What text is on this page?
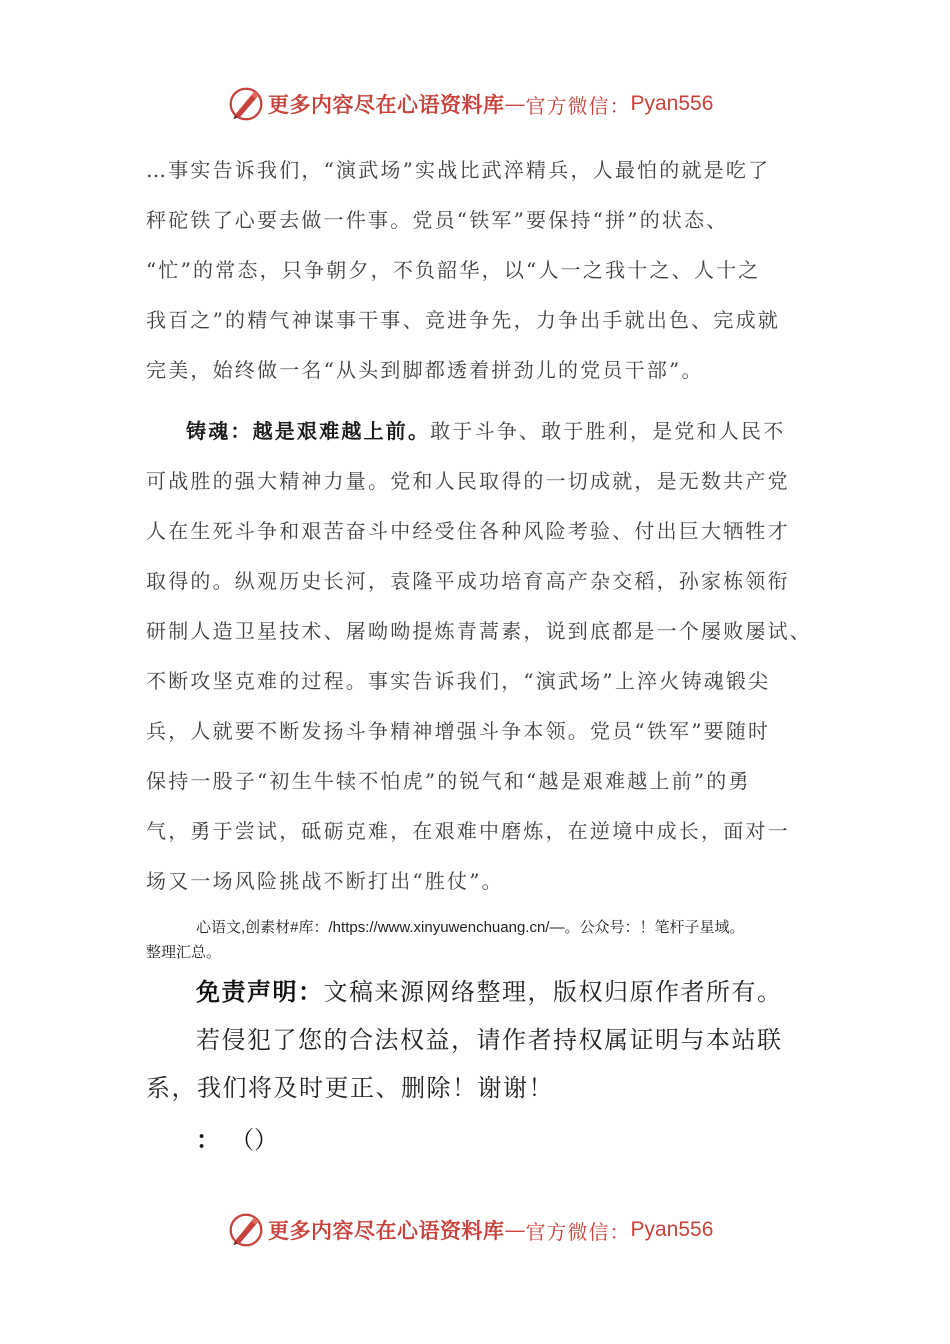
更多内容尽在心语资料库 — 官方微信： Pyan556
…事实告诉我们，“演武场”实战比武淬精兵，人最怕的就是吃了
秤砣铁了心要去做一件事。党员“铁军”要保持“拼”的状态、
“忙”的常态，只争朝夕，不负韶华，以“人一之我十之、人十之
我百之”的精气神谋事干事、竞进争先，力争出手就出色、完成就
完美，始终做一名“从头到脚都透着拼劲儿的党员干部”。
铸魂：越是艰难越上前。敢于斗争、敢于胜利，是党和人民不
可战胜的强大精神力量。党和人民取得的一切成就，是无数共产党
人在生死斗争和艰苦奋斗中经受住各种风险考验、付出巨大牺牲才
取得的。纵观历史长河，袁隆平成功培育高产杂交稻，孙家栋领衔
研制人造卫星技术、屠呦呦提炼青蒿素，说到底都是一个屡败屡试、
不断攻坚克难的过程。事实告诉我们，“演武场”上淬火铸魂锻尖
兵，人就要不断发扬斗争精神增强斗争本领。党员“铁军”要随时
保持一股子“初生牛犊不怕虎”的锐气和“越是艰难越上前”的勇
气，勇于尝试，砥砺克难，在艰难中磨炼，在逆境中成长，面对一
场又一场风险挑战不断打出“胜仗”。
心语文,创素材#库：/https://www.xinyuwenchuang.cn/—。公众号：！笔杆子星域。
整理汇总。
免责声明：文稿来源网络整理，版权归原作者所有。
若侵犯了您的合法权益，请作者持权属证明与本站联
系，我们将及时更正、删除！谢谢！
： （）
更多内容尽在心语资料库 — 官方微信： Pyan556
